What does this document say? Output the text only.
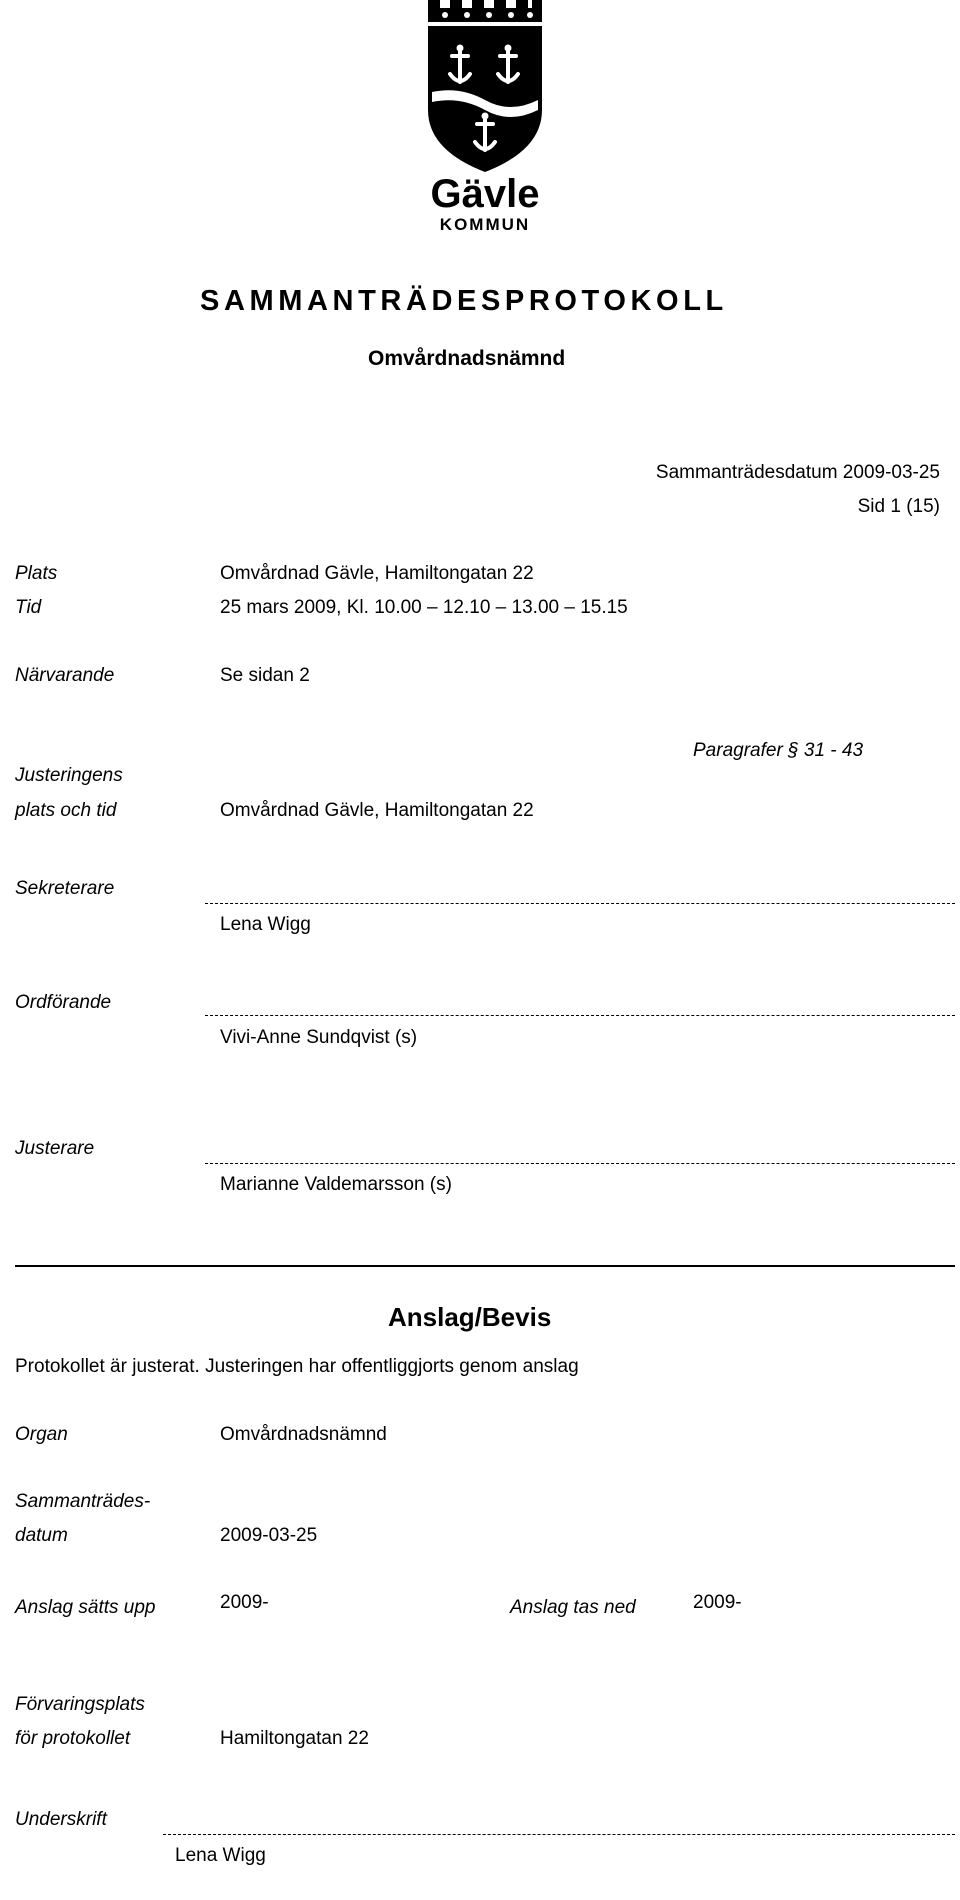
Gävle
KOMMUN
SAMMANTRÄDESPROTOKOLL
Omvårdnadsnämnd
Sammanträdesdatum 2009-03-25
Sid 1 (15)
Plats	Omvårdnad Gävle, Hamiltongatan 22
Tid	25 mars 2009, Kl. 10.00 – 12.10 – 13.00 – 15.15
Närvarande	Se sidan 2
Paragrafer § 31 - 43
Justeringens
plats och tid	Omvårdnad Gävle, Hamiltongatan 22
Sekreterare
Lena Wigg
Ordförande
Vivi-Anne Sundqvist (s)
Justerare
Marianne Valdemarsson (s)
Anslag/Bevis
Protokollet är justerat. Justeringen har offentliggjorts genom anslag
Organ	Omvårdnadsnämnd
Sammanträdes-
datum	2009-03-25
Anslag sätts upp	2009-	Anslag tas ned	2009-
Förvaringsplats
för protokollet	Hamiltongatan 22
Underskrift
Lena Wigg
